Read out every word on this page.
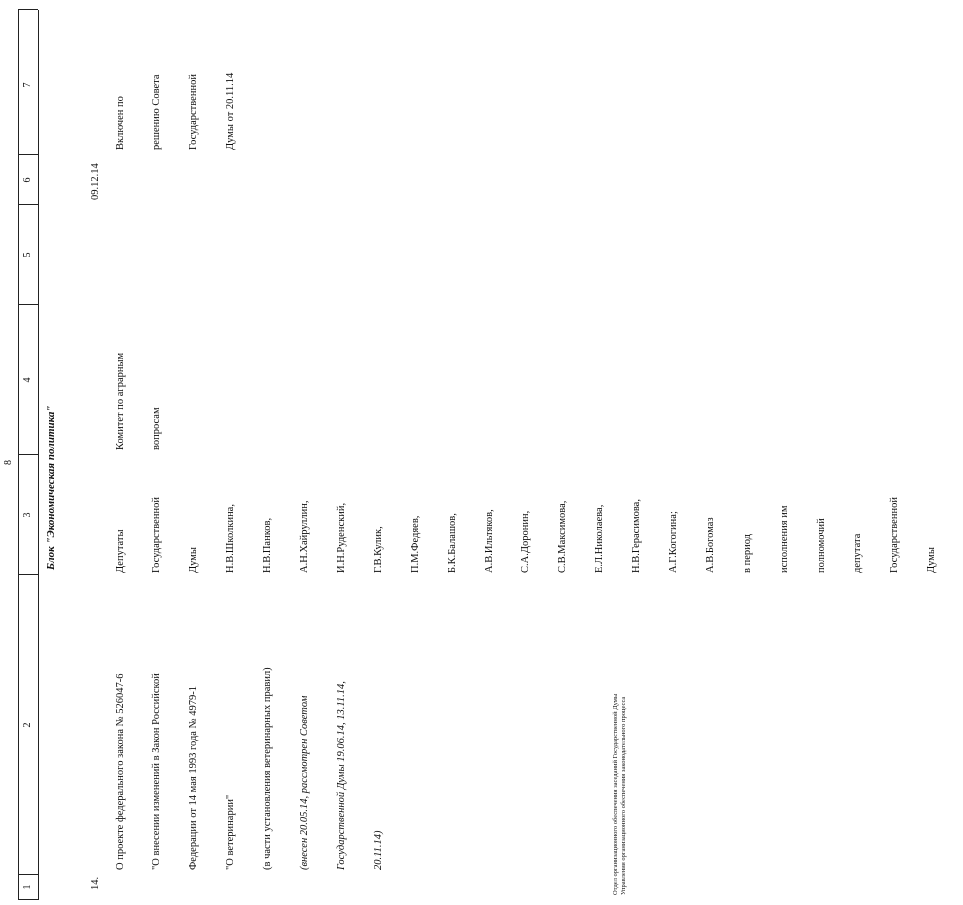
8
1
2
3
4
5
6
7
Блок "Экономическая политика"
14.

О проекте федерального закона № 526047-6

"О внесении изменений в Закон Российской

Федерации от 14 мая 1993 года № 4979-1

"О ветеринарии"

(в части установления ветеринарных правил)

(внесен 20.05.14, рассмотрен Советом

Государственной Думы 19.06.14, 13.11.14,

20.11.14)

Депутаты

Государственной

Думы

Н.В.Школкина,

Н.В.Панков,

А.Н.Хайруллин,

И.Н.Руденский,

Г.В.Кулик,

П.М.Федяев,

Б.К.Балашов,

А.В.Ильтяков,

С.А.Доронин,

С.В.Максимова,

Е.Л.Николаева,

Н.В.Герасимова,

А.Г.Когогина;

А.В.Богомаз

в период

исполнения им

полномочий

депутата

Государственной

Думы

Комитет по аграрным

вопросам

09.12.14

Включен по

решению Совета

Государственной

Думы от 20.11.14

Отдел организационного обеспечения заседаний Государственной Думы Управления организационного обеспечения законодательного процесса
